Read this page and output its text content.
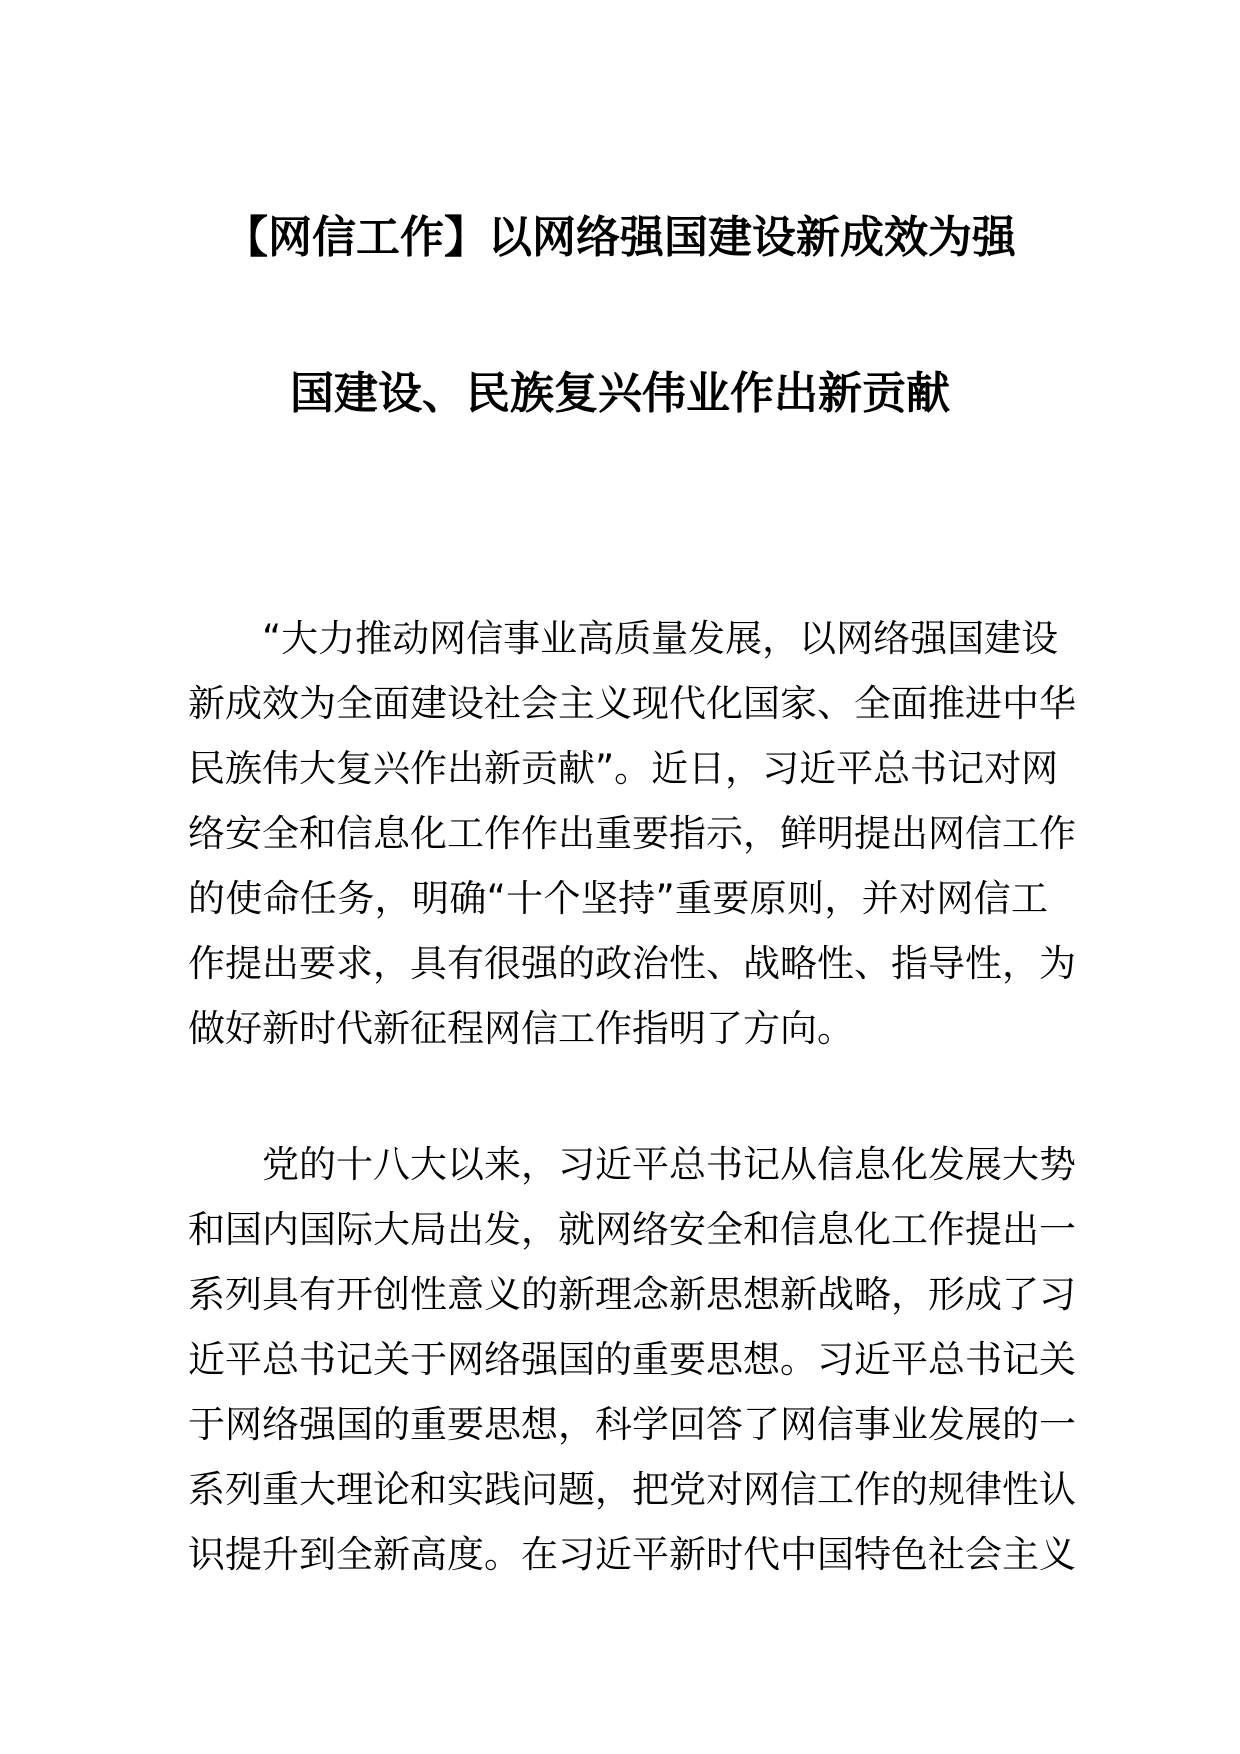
【网信工作】以网络强国建设新成效为强
国建设、民族复兴伟业作出新贡献
“大力推动网信事业高质量发展，以网络强国建设
新成效为全面建设社会主义现代化国家、全面推进中华
民族伟大复兴作出新贡献”。近日，习近平总书记对网
络安全和信息化工作作出重要指示，鲜明提出网信工作
的使命任务，明确“十个坚持”重要原则，并对网信工
作提出要求，具有很强的政治性、战略性、指导性，为
做好新时代新征程网信工作指明了方向。
党的十八大以来，习近平总书记从信息化发展大势
和国内国际大局出发，就网络安全和信息化工作提出一
系列具有开创性意义的新理念新思想新战略，形成了习
近平总书记关于网络强国的重要思想。习近平总书记关
于网络强国的重要思想，科学回答了网信事业发展的一
系列重大理论和实践问题，把党对网信工作的规律性认
识提升到全新高度。在习近平新时代中国特色社会主义
